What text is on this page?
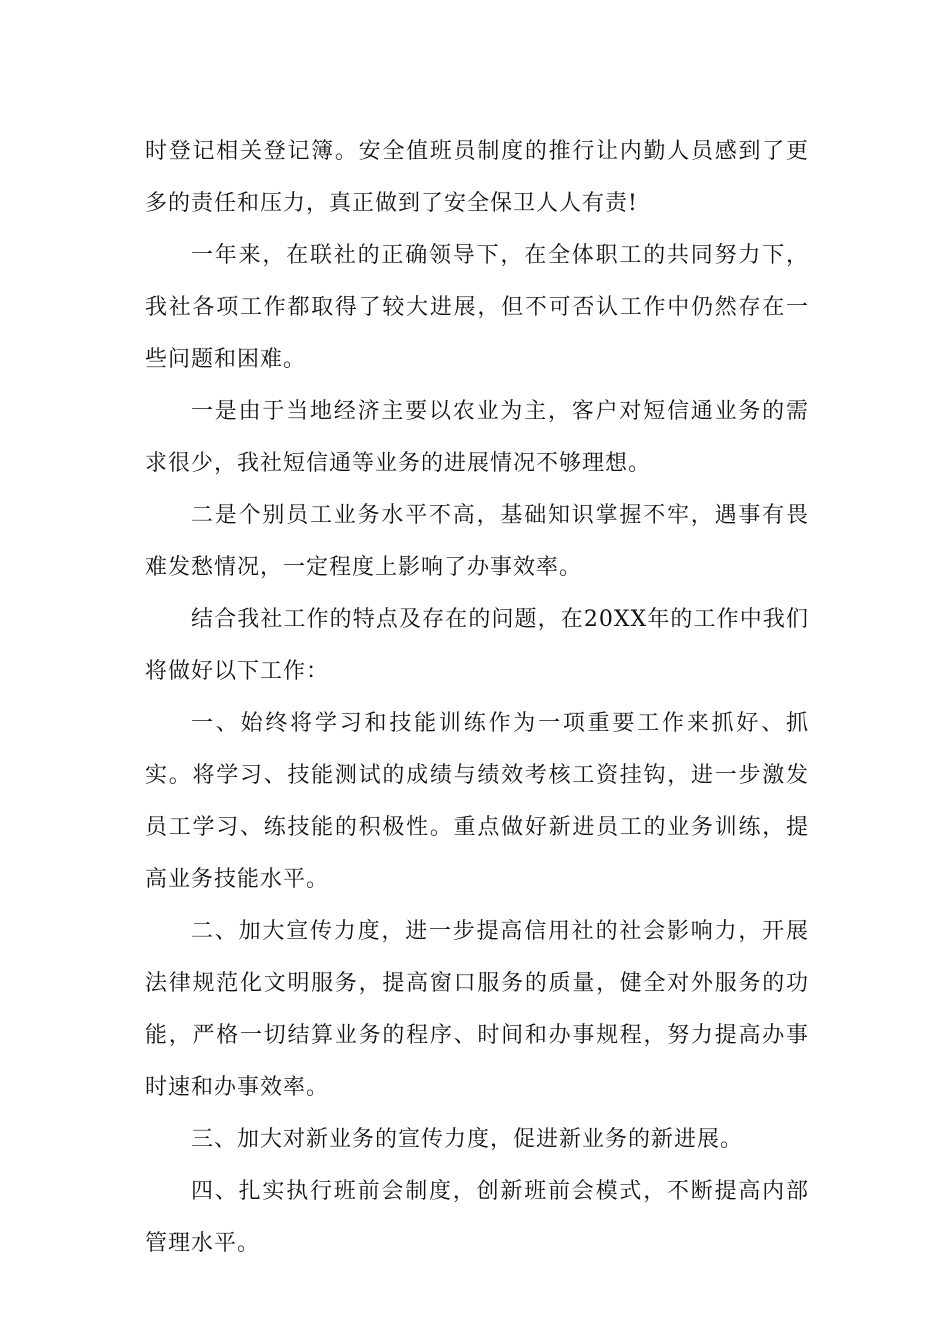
时登记相关登记簿。安全值班员制度的推行让内勤人员感到了更多的责任和压力，真正做到了安全保卫人人有责!

一年来，在联社的正确领导下，在全体职工的共同努力下，我社各项工作都取得了较大进展，但不可否认工作中仍然存在一些问题和困难。

一是由于当地经济主要以农业为主，客户对短信通业务的需求很少，我社短信通等业务的进展情况不够理想。

二是个别员工业务水平不高，基础知识掌握不牢，遇事有畏难发愁情况，一定程度上影响了办事效率。

结合我社工作的特点及存在的问题，在20XX年的工作中我们将做好以下工作：

一、始终将学习和技能训练作为一项重要工作来抓好、抓实。将学习、技能测试的成绩与绩效考核工资挂钩，进一步激发员工学习、练技能的积极性。重点做好新进员工的业务训练，提高业务技能水平。

二、加大宣传力度，进一步提高信用社的社会影响力，开展法律规范化文明服务，提高窗口服务的质量，健全对外服务的功能，严格一切结算业务的程序、时间和办事规程，努力提高办事时速和办事效率。

三、加大对新业务的宣传力度，促进新业务的新进展。

四、扎实执行班前会制度，创新班前会模式，不断提高内部管理水平。
